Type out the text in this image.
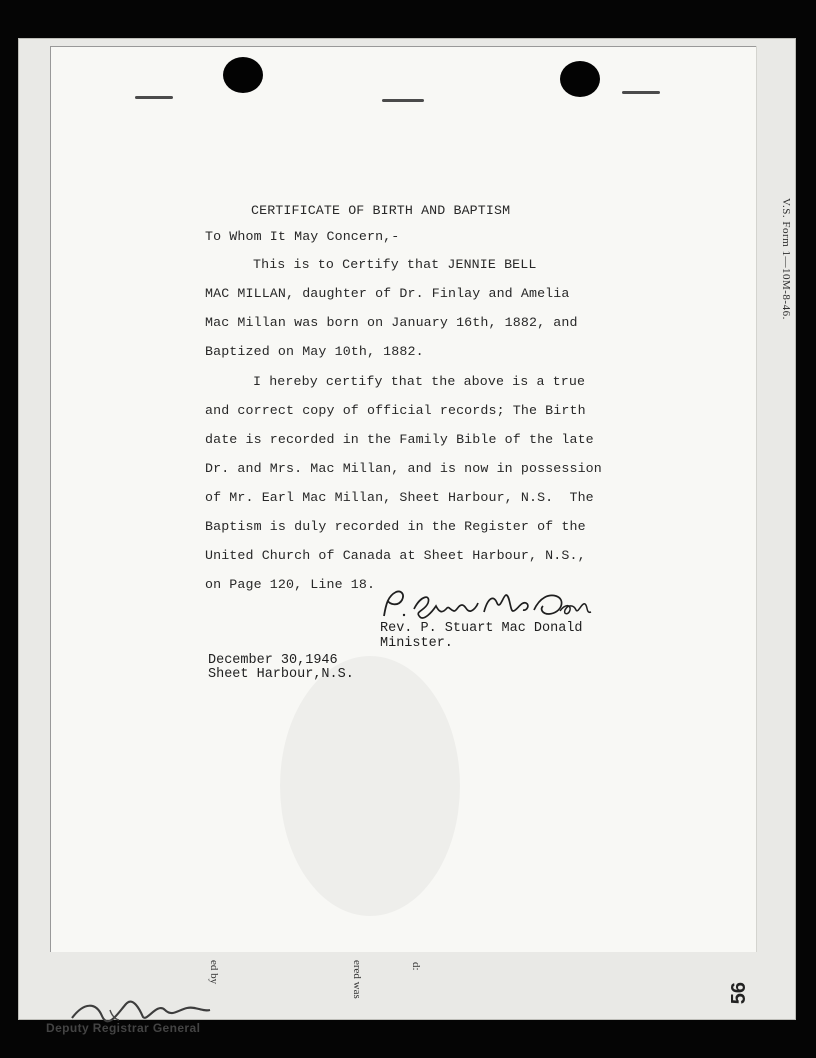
V.S. Form 1—10M-8-46.
Deputy Registrar General
ed by	ered was	d:
56
CERTIFICATE OF BIRTH AND BAPTISM
To Whom It May Concern,-
This is to Certify that JENNIE BELL
MAC MILLAN, daughter of Dr. Finlay and Amelia
Mac Millan was born on January 16th, 1882, and
Baptized on May 10th, 1882.
I hereby certify that the above is a true
and correct copy of official records; The Birth
date is recorded in the Family Bible of the late
Dr. and Mrs. Mac Millan, and is now in possession
of Mr. Earl Mac Millan, Sheet Harbour, N.S.  The
Baptism is duly recorded in the Register of the
United Church of Canada at Sheet Harbour, N.S.,
on Page 120, Line 18.
Rev. P. Stuart Mac Donald
Minister.
December 30,1946
Sheet Harbour,N.S.
